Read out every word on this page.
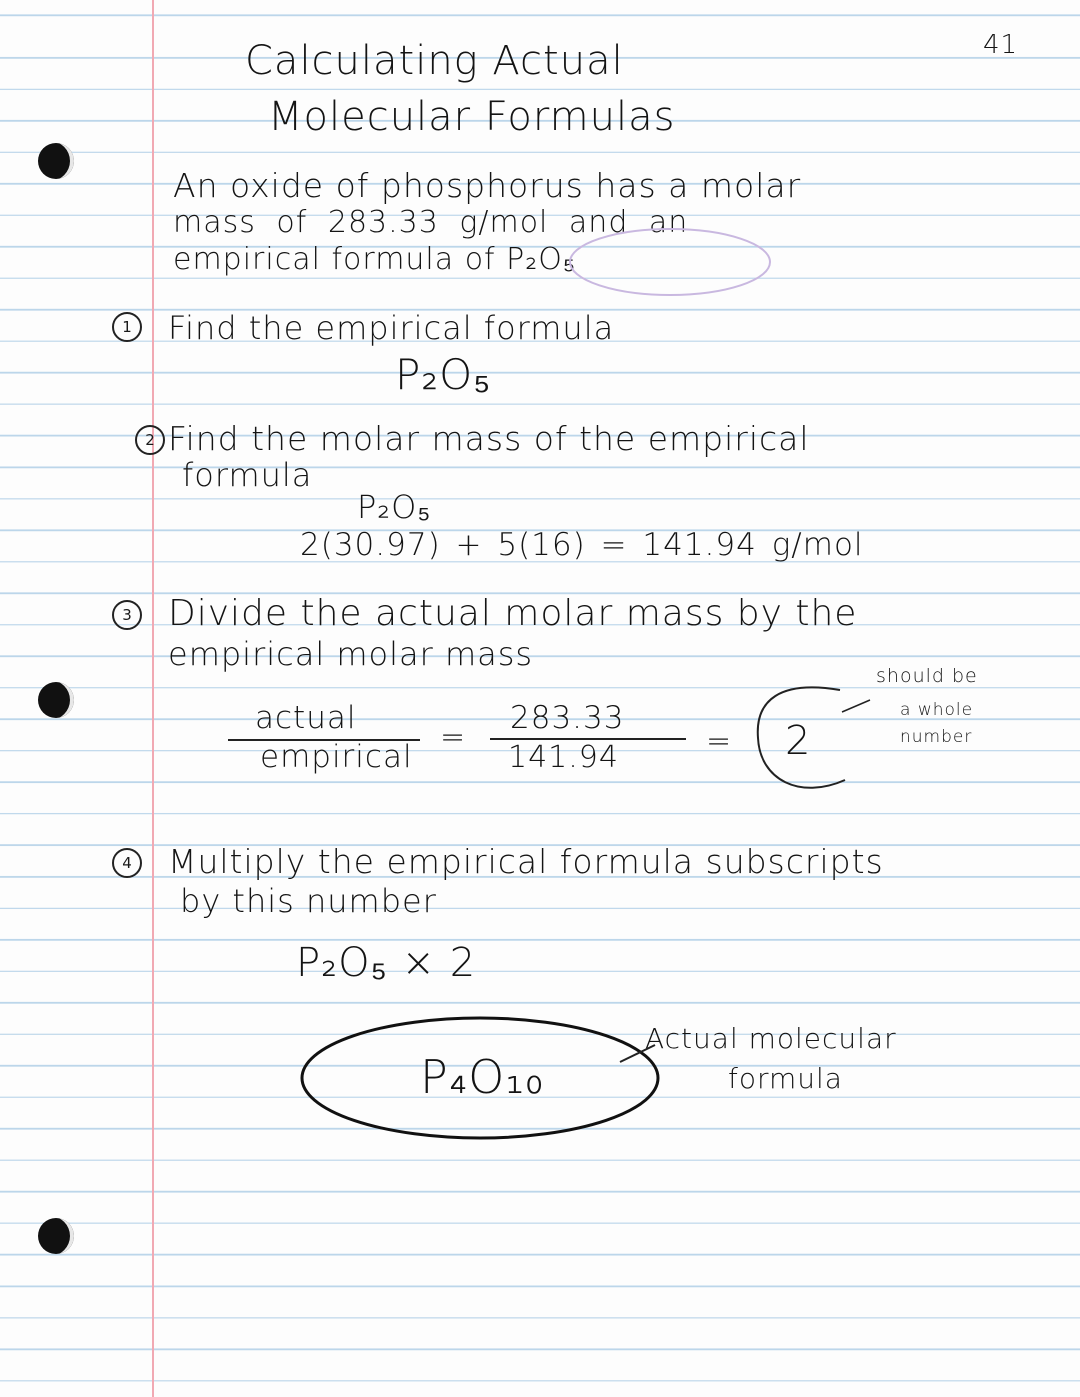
41
Calculating Actual
Molecular Formulas
An oxide of phosphorus has a molar
mass of 283.33 g/mol and an
empirical formula of P₂O₅
1	Find the empirical formula
P₂O₅
2 Find the molar mass of the empirical
formula
P₂O₅
2(30.97) + 5(16) = 141.94 g/mol
3 Divide the actual molar mass by the
empirical molar mass
actual
empirical
=
283.33
141.94	= 2
should be
a whole
number
4	Multiply the empirical formula subscripts
by this number
P₂O₅ × 2
P₄O₁₀
Actual molecular
formula
